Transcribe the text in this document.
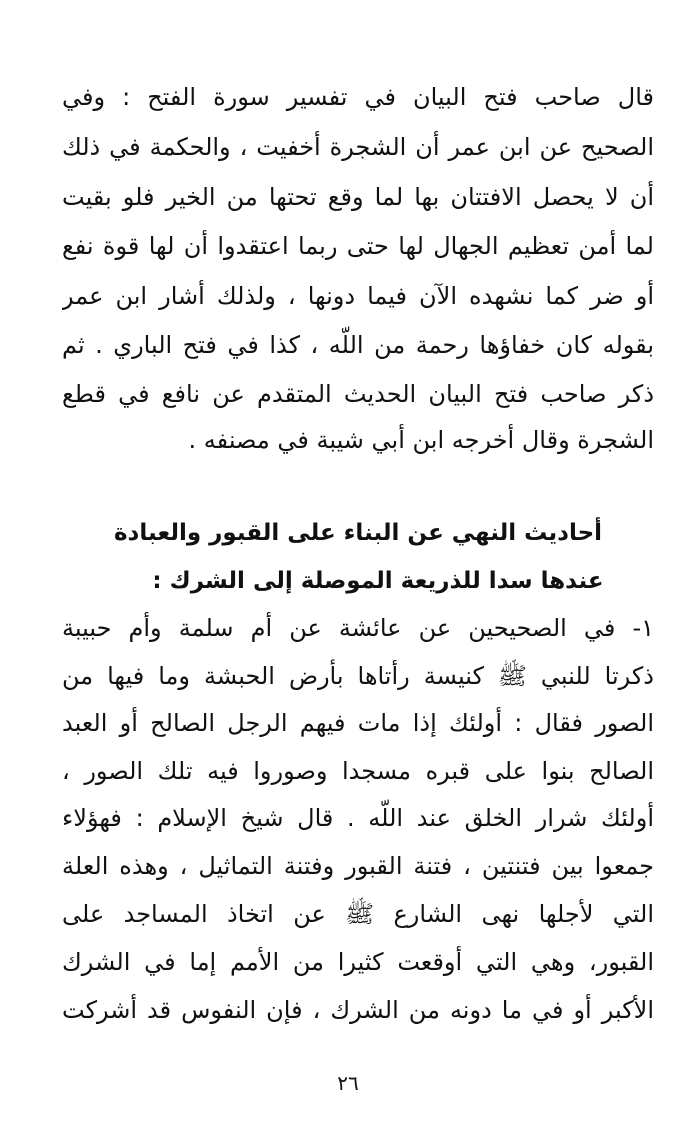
قال صاحب فتح البيان في تفسير سورة الفتح : وفي
الصحيح عن ابن عمر أن الشجرة أخفيت ، والحكمة في ذلك
أن لا يحصل الافتتان بها لما وقع تحتها من الخير فلو بقيت
لما أمن تعظيم الجهال لها حتى ربما اعتقدوا أن لها قوة نفع
أو ضر كما نشهده الآن فيما دونها ، ولذلك أشار ابن عمر
بقوله كان خفاؤها رحمة من اللّه ، كذا في فتح الباري . ثم
ذكر صاحب فتح البيان الحديث المتقدم عن نافع في قطع
الشجرة وقال أخرجه ابن أبي شيبة في مصنفه .
أحاديث النهي عن البناء على القبور والعبادة
عندها سدا للذريعة الموصلة إلى الشرك :
١- في الصحيحين عن عائشة عن أم سلمة وأم حبيبة
ذكرتا للنبي ﷺ كنيسة رأتاها بأرض الحبشة وما فيها من
الصور فقال : أولئك إذا مات فيهم الرجل الصالح أو العبد
الصالح بنوا على قبره مسجدا وصوروا فيه تلك الصور ،
أولئك شرار الخلق عند اللّه . قال شيخ الإسلام : فهؤلاء
جمعوا بين فتنتين ، فتنة القبور وفتنة التماثيل ، وهذه العلة
التي لأجلها نهى الشارع ﷺ عن اتخاذ المساجد على
القبور، وهي التي أوقعت كثيرا من الأمم إما في الشرك
الأكبر أو في ما دونه من الشرك ، فإن النفوس قد أشركت
٢٦
